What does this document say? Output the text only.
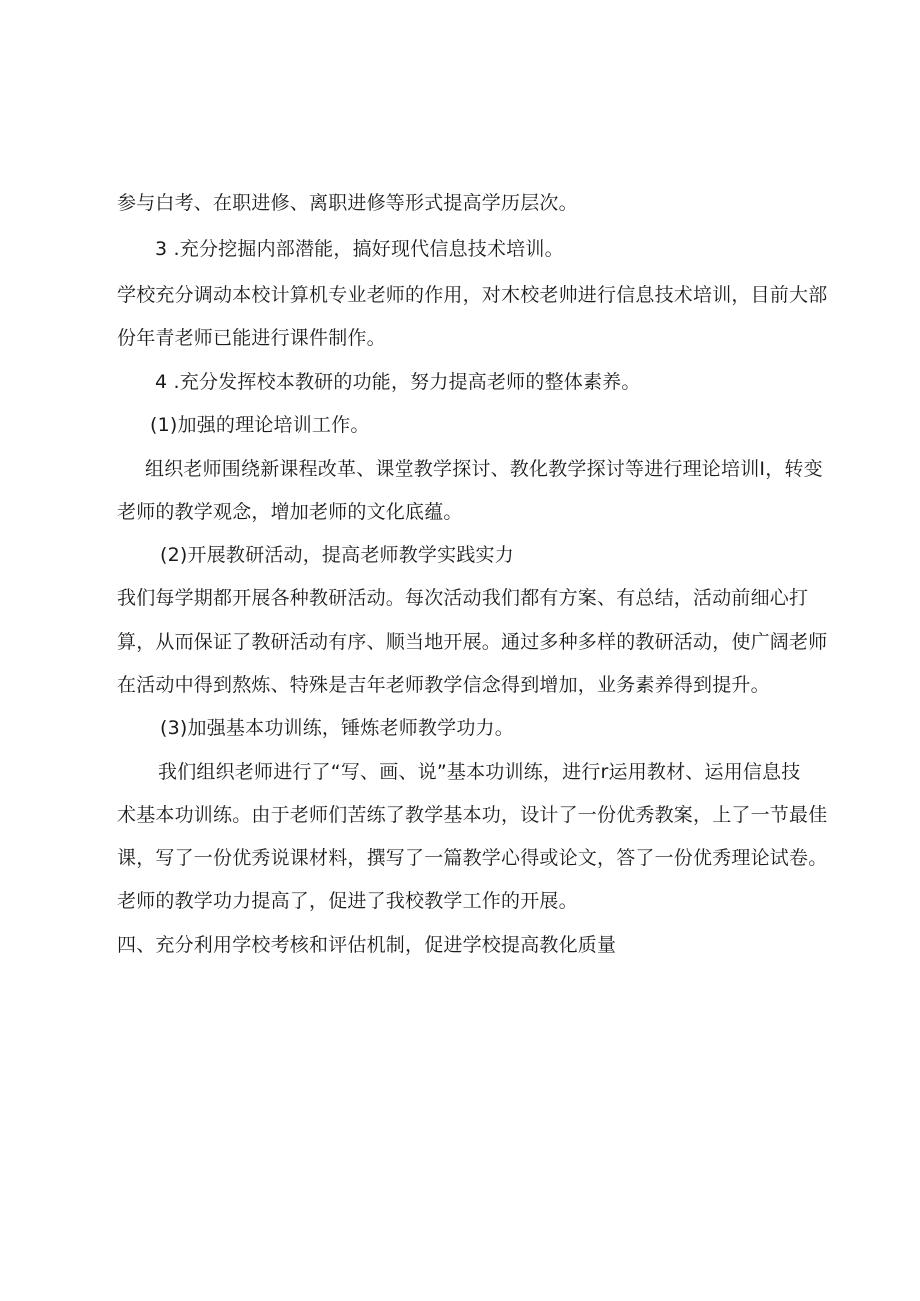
参与白考、在职进修、离职进修等形式提高学历层次。
3 .充分挖掘内部潜能，搞好现代信息技术培训。
学校充分调动本校计算机专业老师的作用，对木校老帅进行信息技术培训，目前大部
份年青老师已能进行课件制作。
4 .充分发挥校本教研的功能，努力提高老师的整体素养。
(1)加强的理论培训工作。
组织老师围绕新课程改革、课堂教学探讨、教化教学探讨等进行理论培训I，转变
老师的教学观念，增加老师的文化底蕴。
(2)开展教研活动，提高老师教学实践实力
我们每学期都开展各种教研活动。每次活动我们都有方案、有总结，活动前细心打
算，从而保证了教研活动有序、顺当地开展。通过多种多样的教研活动，使广阔老师
在活动中得到熬炼、特殊是吉年老师教学信念得到增加，业务素养得到提升。
(3)加强基本功训练，锤炼老师教学功力。
我们组织老师进行了“写、画、说”基本功训练，进行r运用教材、运用信息技
术基本功训练。由于老师们苦练了教学基本功，设计了一份优秀教案，上了一节最佳
课，写了一份优秀说课材料，撰写了一篇教学心得或论文，答了一份优秀理论试卷。
老师的教学功力提高了，促进了我校教学工作的开展。
四、充分利用学校考核和评估机制，促进学校提高教化质量
